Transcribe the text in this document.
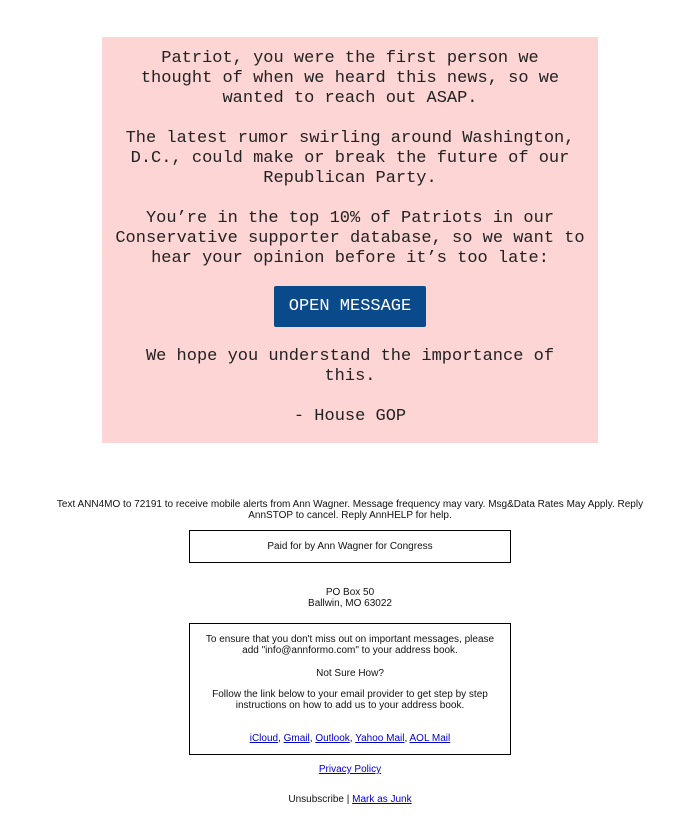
Patriot, you were the first person we thought of when we heard this news, so we wanted to reach out ASAP.

The latest rumor swirling around Washington, D.C., could make or break the future of our Republican Party.

You’re in the top 10% of Patriots in our Conservative supporter database, so we want to hear your opinion before it’s too late:

OPEN MESSAGE

We hope you understand the importance of this.

- House GOP

Text ANN4MO to 72191 to receive mobile alerts from Ann Wagner. Message frequency may vary. Msg&Data Rates May Apply. Reply AnnSTOP to cancel. Reply AnnHELP for help.
Paid for by Ann Wagner for Congress
PO Box 50
Ballwin, MO 63022
To ensure that you don't miss out on important messages, please add "info@annformo.com" to your address book.
Not Sure How?
Follow the link below to your email provider to get step by step instructions on how to add us to your address book.
iCloud, Gmail, Outlook, Yahoo Mail, AOL Mail
Privacy Policy
Unsubscribe | Mark as Junk
